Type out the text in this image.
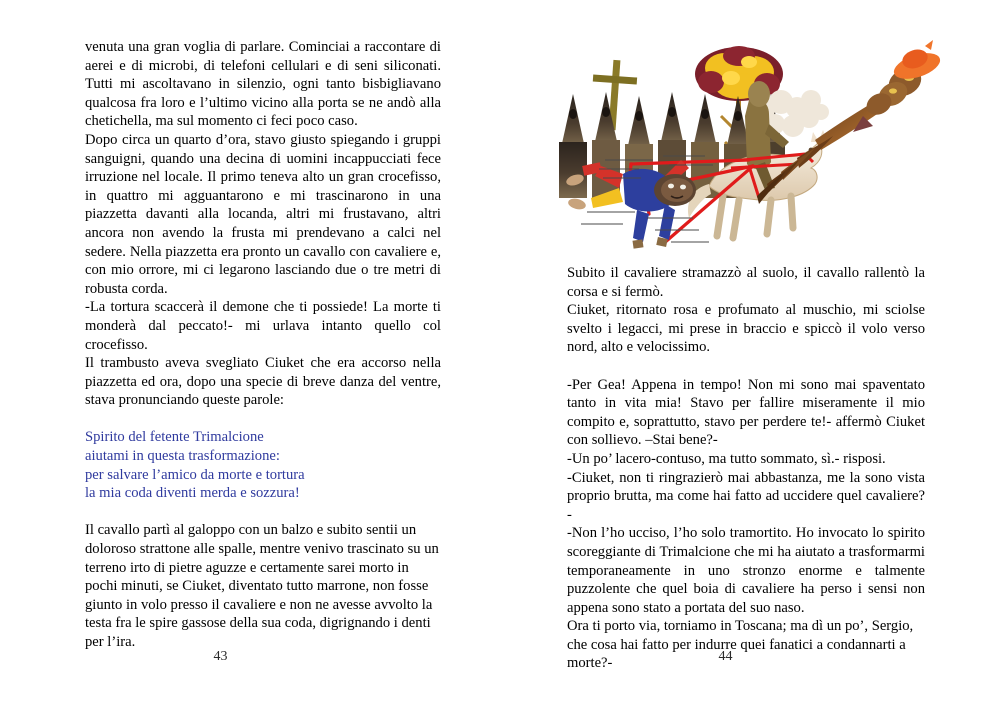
venuta una gran voglia di parlare. Cominciai a raccontare di aerei e di microbi, di telefoni cellulari e di seni siliconati. Tutti mi ascoltavano in silenzio, ogni tanto bisbigliavano qualcosa fra loro e l’ultimo vicino alla porta se ne andò alla chetichella, ma sul momento ci feci poco caso.

Dopo circa un quarto d’ora, stavo giusto spiegando i gruppi sanguigni, quando una decina di uomini incappucciati fece irruzione nel locale. Il primo teneva alto un gran crocefisso, in quattro mi agguantarono e mi trascinarono in una piazzetta davanti alla locanda, altri mi frustavano, altri ancora non avendo la frusta mi prendevano a calci nel sedere. Nella piazzetta era pronto un cavallo con cavaliere e, con mio orrore, mi ci legarono lasciando due o tre metri di robusta corda.

-La tortura scaccerà il demone che ti possiede! La morte ti monderà dal peccato!- mi urlava intanto quello col crocefisso.

Il trambusto aveva svegliato Ciuket che era accorso nella piazzetta ed ora, dopo una specie di breve danza del ventre, stava pronunciando queste parole:

Spirito del fetente Trimalcione
aiutami in questa trasformazione:
per salvare l’amico da morte e tortura
la mia coda diventi merda e sozzura!

Il cavallo partì al galoppo con un balzo e subito sentii un doloroso strattone alle spalle, mentre venivo trascinato su un terreno irto di pietre aguzze e certamente sarei morto in pochi minuti, se Ciuket, diventato tutto marrone, non fosse giunto in volo presso il cavaliere e non ne avesse avvolto la testa fra le spire gassose della sua coda, digrignando i denti per l’ira.

43

Subito il cavaliere stramazzò al suolo, il cavallo rallentò la corsa e si fermò.

Ciuket, ritornato rosa e profumato al muschio, mi sciolse svelto i legacci, mi prese in braccio e spiccò il volo verso nord, alto e velocissimo.

-Per Gea! Appena in tempo! Non mi sono mai spaventato tanto in vita mia! Stavo per fallire miseramente il mio compito e, soprattutto, stavo per perdere te!- affermò Ciuket con sollievo. –Stai bene?-

-Un po’ lacero-contuso, ma tutto sommato, sì.- risposi.

-Ciuket, non ti ringrazierò mai abbastanza, me la sono vista proprio brutta, ma come hai fatto ad uccidere quel cavaliere?-

-Non l’ho ucciso, l’ho solo tramortito. Ho invocato lo spirito scoreggiante di Trimalcione che mi ha aiutato a trasformarmi temporaneamente in uno stronzo enorme e talmente puzzolente che quel boia di cavaliere ha perso i sensi non appena sono stato a portata del suo naso.

Ora ti porto via, torniamo in Toscana; ma dì un po’, Sergio, che cosa hai fatto per indurre quei fanatici a condannarti a morte?-	44
